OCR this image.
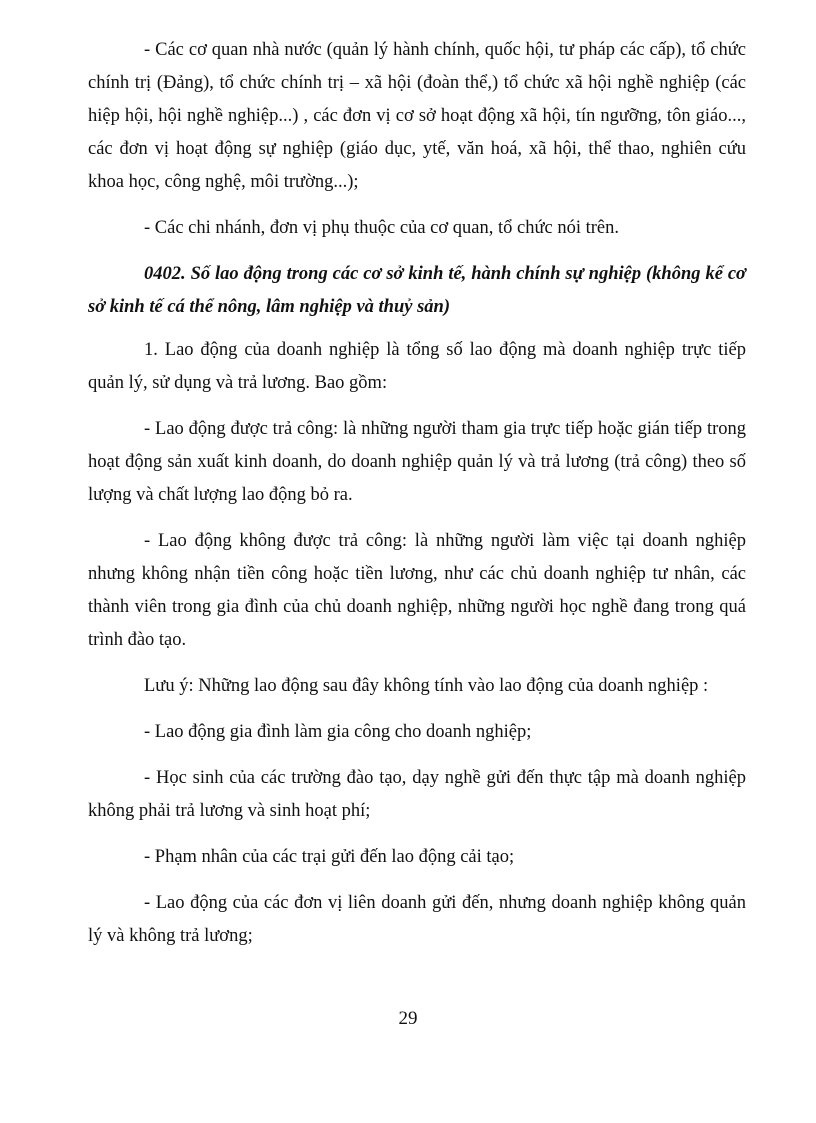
- Các cơ quan nhà nước (quản lý hành chính, quốc hội, tư pháp các cấp), tổ chức chính trị (Đảng), tổ chức chính trị – xã hội (đoàn thể,) tổ chức xã hội nghề nghiệp (các hiệp hội, hội nghề nghiệp...) , các đơn vị cơ sở hoạt động xã hội, tín ngưỡng, tôn giáo..., các đơn vị hoạt động sự nghiệp (giáo dục, ytế, văn hoá, xã hội, thể thao, nghiên cứu khoa học, công nghệ, môi trường...);

- Các chi nhánh, đơn vị phụ thuộc của cơ quan, tổ chức nói trên.

0402. Số lao động trong các cơ sở kinh tế, hành chính sự nghiệp (không kể cơ sở kinh tế cá thể nông, lâm nghiệp và thuỷ sản)

1. Lao động của doanh nghiệp là tổng số lao động mà doanh nghiệp trực tiếp quản lý, sử dụng và trả lương. Bao gồm:

- Lao động được trả công: là những người tham gia trực tiếp hoặc gián tiếp trong hoạt động sản xuất kinh doanh, do doanh nghiệp quản lý và trả lương (trả công) theo số lượng và chất lượng lao động bỏ ra.

- Lao động không được trả công: là những người làm việc tại doanh nghiệp nhưng không nhận tiền công hoặc tiền lương, như các chủ doanh nghiệp tư nhân, các thành viên trong gia đình của chủ doanh nghiệp, những người học nghề đang trong quá trình đào tạo.

Lưu ý: Những lao động sau đây không tính vào lao động của doanh nghiệp :

- Lao động gia đình làm gia công cho doanh nghiệp;

- Học sinh của các trường đào tạo, dạy nghề gửi đến thực tập mà doanh nghiệp không phải trả lương và sinh hoạt phí;

- Phạm nhân của các trại gửi đến lao động cải tạo;

- Lao động của các đơn vị liên doanh gửi đến, nhưng doanh nghiệp không quản lý và không trả lương;

29
